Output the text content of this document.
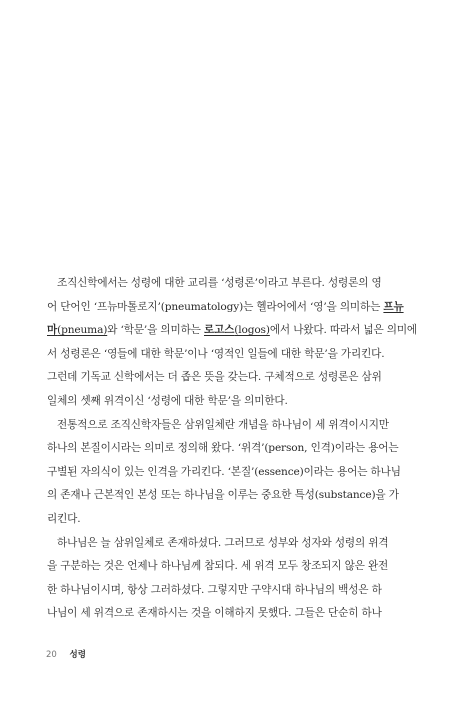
조직신학에서는 성령에 대한 교리를 ‘성령론’이라고 부른다. 성령론의 영
어 단어인 ‘프뉴마톨로지’(pneumatology)는 헬라어에서 ‘영’을 의미하는 프뉴
마(pneuma)와 ‘학문’을 의미하는 로고스(logos)에서 나왔다. 따라서 넓은 의미에
서 성령론은 ‘영들에 대한 학문’이나 ‘영적인 일들에 대한 학문’을 가리킨다.
그런데 기독교 신학에서는 더 좁은 뜻을 갖는다. 구체적으로 성령론은 삼위
일체의 셋째 위격이신 ‘성령에 대한 학문’을 의미한다.
전통적으로 조직신학자들은 삼위일체란 개념을 하나님이 세 위격이시지만
하나의 본질이시라는 의미로 정의해 왔다. ‘위격’(person, 인격)이라는 용어는
구별된 자의식이 있는 인격을 가리킨다. ‘본질’(essence)이라는 용어는 하나님
의 존재나 근본적인 본성 또는 하나님을 이루는 중요한 특성(substance)을 가
리킨다.
하나님은 늘 삼위일체로 존재하셨다. 그러므로 성부와 성자와 성령의 위격
을 구분하는 것은 언제나 하나님께 참되다. 세 위격 모두 창조되지 않은 완전
한 하나님이시며, 항상 그러하셨다. 그렇지만 구약시대 하나님의 백성은 하
나님이 세 위격으로 존재하시는 것을 이해하지 못했다. 그들은 단순히 하나
20 성령
